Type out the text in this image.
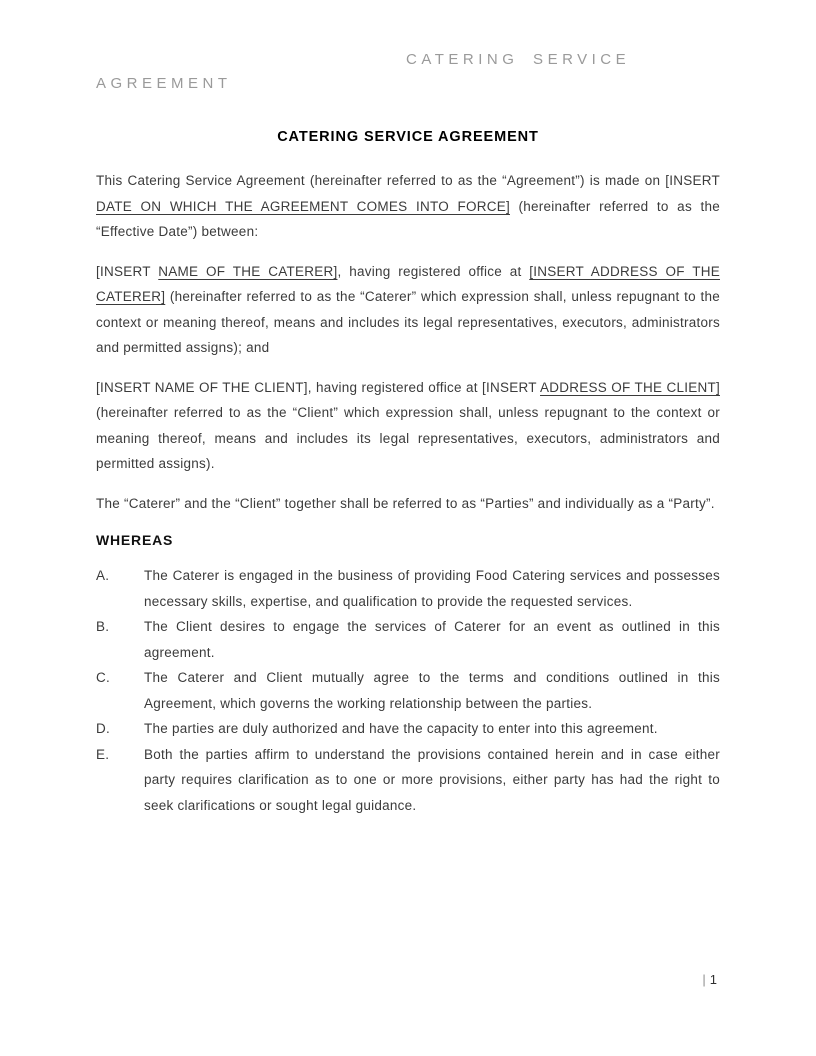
CATERING SERVICE AGREEMENT
CATERING SERVICE AGREEMENT

This Catering Service Agreement (hereinafter referred to as the “Agreement”) is made on [INSERT DATE ON WHICH THE AGREEMENT COMES INTO FORCE] (hereinafter referred to as the “Effective Date”) between:

[INSERT NAME OF THE CATERER], having registered office at [INSERT ADDRESS OF THE CATERER] (hereinafter referred to as the “Caterer” which expression shall, unless repugnant to the context or meaning thereof, means and includes its legal representatives, executors, administrators and permitted assigns); and

[INSERT NAME OF THE CLIENT], having registered office at [INSERT ADDRESS OF THE CLIENT] (hereinafter referred to as the “Client” which expression shall, unless repugnant to the context or meaning thereof, means and includes its legal representatives, executors, administrators and permitted assigns).

The “Caterer” and the “Client” together shall be referred to as “Parties” and individually as a “Party”.

WHEREAS
A.	The Caterer is engaged in the business of providing Food Catering services and possesses necessary skills, expertise, and qualification to provide the requested services.
B.	The Client desires to engage the services of Caterer for an event as outlined in this agreement.
C.	The Caterer and Client mutually agree to the terms and conditions outlined in this Agreement, which governs the working relationship between the parties.
D.	The parties are duly authorized and have the capacity to enter into this agreement.
E.	Both the parties affirm to understand the provisions contained herein and in case either party requires clarification as to one or more provisions, either party has had the right to seek clarifications or sought legal guidance.
| 1
